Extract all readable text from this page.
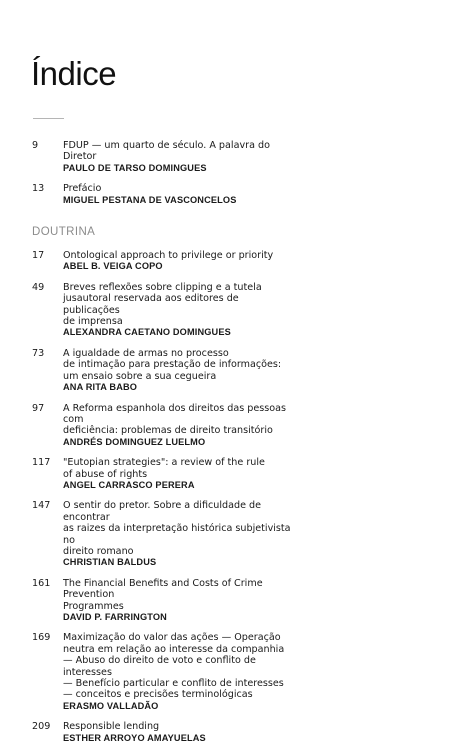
Índice
9	FDUP — um quarto de século. A palavra do Diretor
PAULO DE TARSO DOMINGUES
13	Prefácio
MIGUEL PESTANA DE VASCONCELOS
DOUTRINA
17	Ontological approach to privilege or priority
ABEL B. VEIGA COPO
49	Breves reflexões sobre clipping e a tutela
jusautoral reservada aos editores de publicações
de imprensa
ALEXANDRA CAETANO DOMINGUES
73	A igualdade de armas no processo
de intimação para prestação de informações:
um ensaio sobre a sua cegueira
ANA RITA BABO
97	A Reforma espanhola dos direitos das pessoas com
deficiência: problemas de direito transitório
ANDRÉS DOMINGUEZ LUELMO
117	"Eutopian strategies": a review of the rule
of abuse of rights
ANGEL CARRASCO PERERA
147	O sentir do pretor. Sobre a dificuldade de encontrar
as raizes da interpretação histórica subjetivista no
direito romano
CHRISTIAN BALDUS
161	The Financial Benefits and Costs of Crime Prevention
Programmes
DAVID P. FARRINGTON
169	Maximização do valor das ações — Operação
neutra em relação ao interesse da companhia
— Abuso do direito de voto e conflito de interesses
— Benefício particular e conflito de interesses
— conceitos e precisões terminológicas
ERASMO VALLADÃO
209	Responsible lending
ESTHER ARROYO AMAYUELAS
